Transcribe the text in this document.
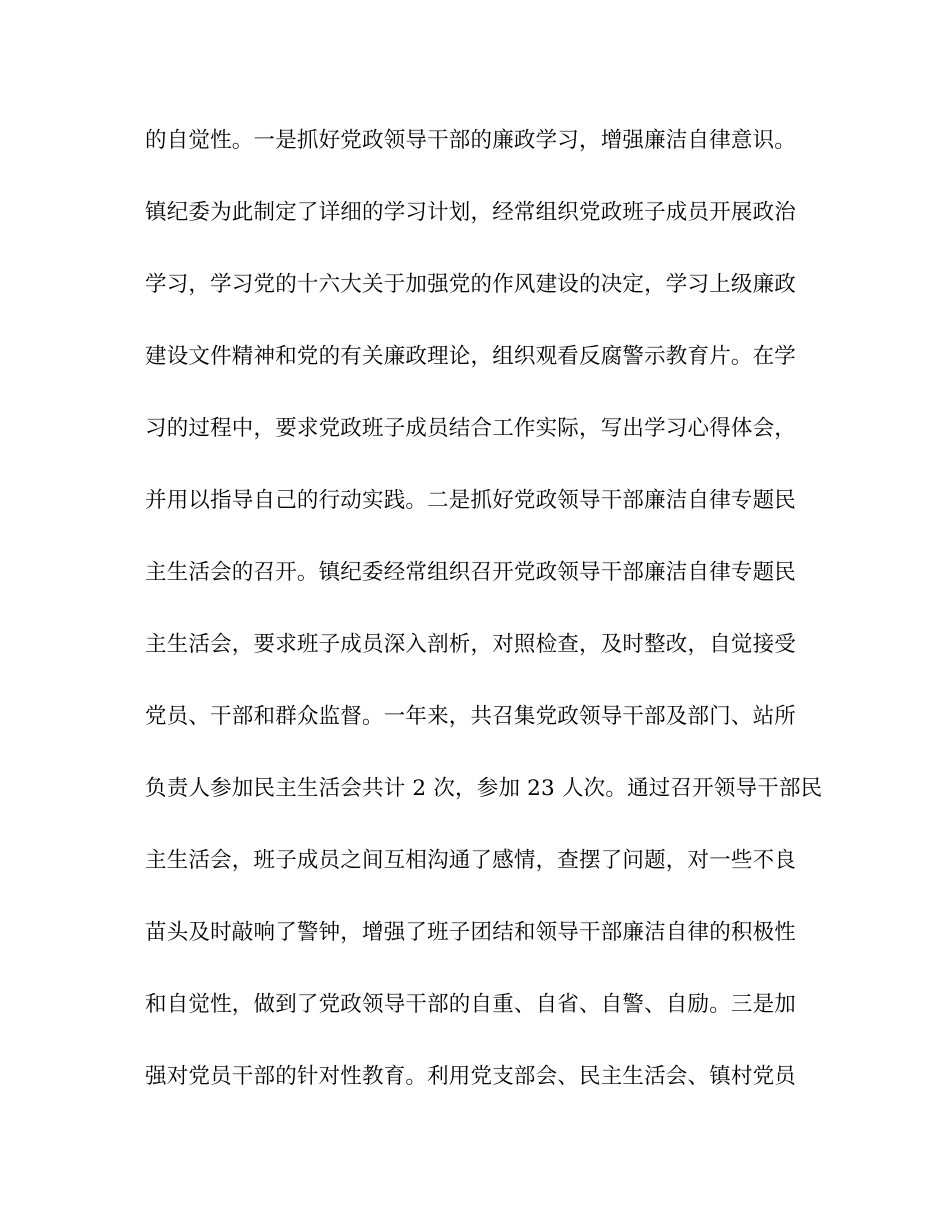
的自觉性。一是抓好党政领导干部的廉政学习，增强廉洁自律意识。
镇纪委为此制定了详细的学习计划，经常组织党政班子成员开展政治
学习，学习党的十六大关于加强党的作风建设的决定，学习上级廉政
建设文件精神和党的有关廉政理论，组织观看反腐警示教育片。在学
习的过程中，要求党政班子成员结合工作实际，写出学习心得体会，
并用以指导自己的行动实践。二是抓好党政领导干部廉洁自律专题民
主生活会的召开。镇纪委经常组织召开党政领导干部廉洁自律专题民
主生活会，要求班子成员深入剖析，对照检查，及时整改，自觉接受
党员、干部和群众监督。一年来，共召集党政领导干部及部门、站所
负责人参加民主生活会共计 2 次，参加 23 人次。通过召开领导干部民
主生活会，班子成员之间互相沟通了感情，查摆了问题，对一些不良
苗头及时敲响了警钟，增强了班子团结和领导干部廉洁自律的积极性
和自觉性，做到了党政领导干部的自重、自省、自警、自励。三是加
强对党员干部的针对性教育。利用党支部会、民主生活会、镇村党员
